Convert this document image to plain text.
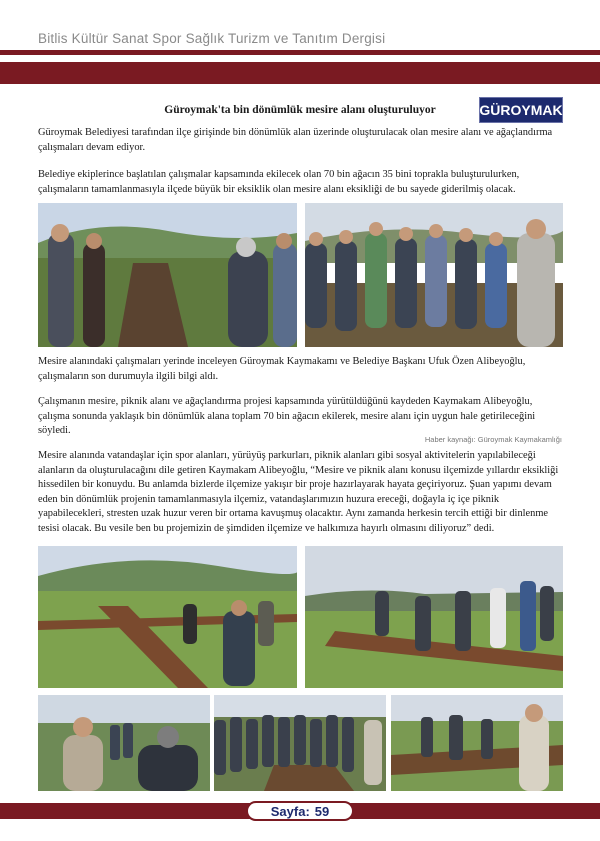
Bitlis Kültür Sanat Spor Sağlık Turizm ve Tanıtım Dergisi
Güroymak'ta bin dönümlük mesire alanı oluşturuluyor	GÜROYMAK

Güroymak Belediyesi tarafından ilçe girişinde bin dönümlük alan üzerinde oluşturulacak olan mesire alanı ve ağaçlandırma çalışmaları devam ediyor.

Belediye ekiplerince başlatılan çalışmalar kapsamında ekilecek olan 70 bin ağacın 35 bini toprakla buluşturulurken, çalışmaların tamamlanmasıyla ilçede büyük bir eksiklik olan mesire alanı eksikliği de bu sayede giderilmiş olacak.

Mesire alanındaki çalışmaları yerinde inceleyen Güroymak Kaymakamı ve Belediye Başkanı Ufuk Özen Alibeyoğlu, çalışmaların son durumuyla ilgili bilgi aldı.

Çalışmanın mesire, piknik alanı ve ağaçlandırma projesi kapsamında yürütüldüğünü kaydeden Kaymakam Alibeyoğlu, çalışma sonunda yaklaşık bin dönümlük alana toplam 70 bin ağacın ekilerek, mesire alanı için uygun hale getirileceğini söyledi.

Haber kaynağı: Güroymak Kaymakamlığı

Mesire alanında vatandaşlar için spor alanları, yürüyüş parkurları, piknik alanları gibi sosyal aktivitelerin yapılabileceği alanların da oluşturulacağını dile getiren Kaymakam Alibeyoğlu, “Mesire ve piknik alanı konusu ilçemizde yıllardır eksikliği hissedilen bir konuydu. Bu anlamda bizlerde ilçemize yakışır bir proje hazırlayarak hayata geçiriyoruz. Şuan yapımı devam eden bin dönümlük projenin tamamlanmasıyla ilçemiz, vatandaşlarımızın huzura ereceği, doğayla iç içe piknik yapabilecekleri, stresten uzak huzur veren bir ortama kavuşmuş olacaktır. Aynı zamanda herkesin tercih ettiği bir dinlenme tesisi olacak. Bu vesile ben bu projemizin de şimdiden ilçemize ve halkımıza hayırlı olmasını diliyoruz” dedi.

Sayfa: 59
